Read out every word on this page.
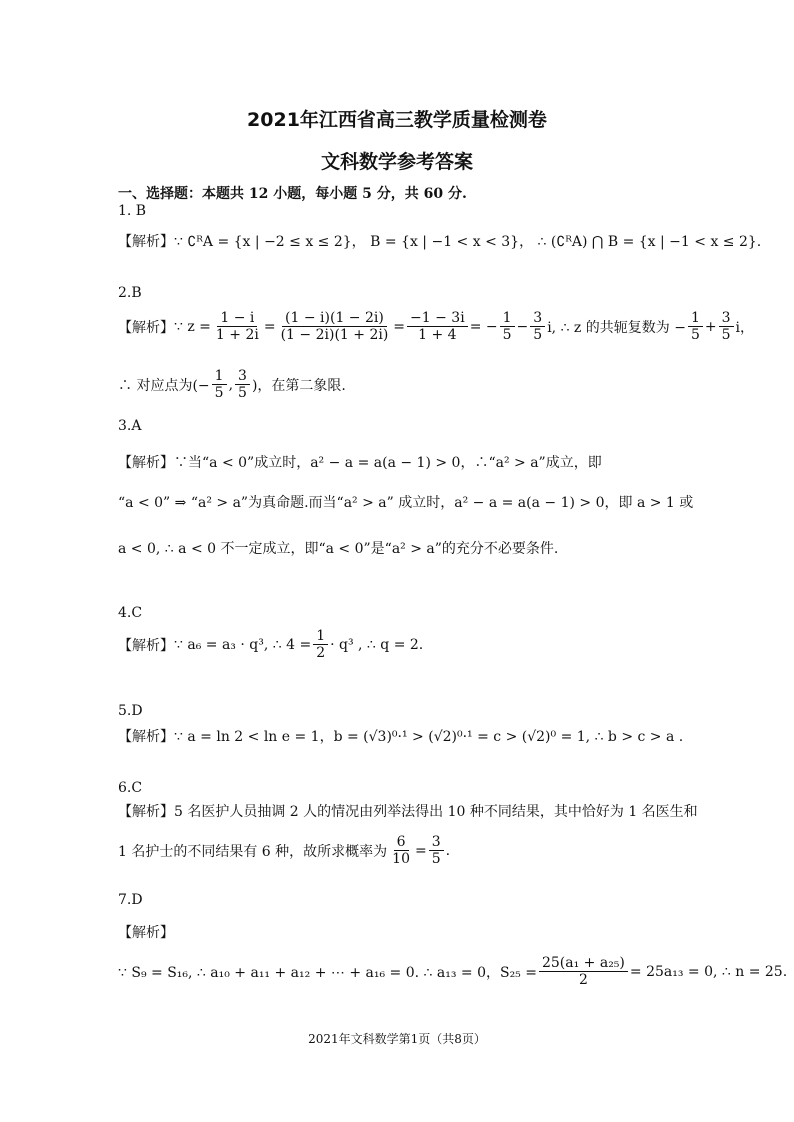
2021年江西省高三教学质量检测卷
文科数学参考答案
一、选择题：本题共 12 小题，每小题 5 分，共 60 分.
1. B
【解析】 ∵ ∁ᴿA = {x | −2 ≤ x ≤ 2}， B = {x | −1 < x < 3}， ∴ (∁ᴿA) ⋂ B = {x | −1 < x ≤ 2}.
2.B
【解析】 ∵ $z = \frac{1 - i}{1 + 2i} = \frac{(1 - i)(1 - 2i)}{(1 - 2i)(1 + 2i)} = \frac{-1 - 3i}{1 + 4}$ = − $\frac{1}{5} - \frac{3}{5} i$, ∴ z 的共轭复数为 − $\frac{1}{5} + \frac{3}{5}$ i，
∴ 对应点为(− $\frac{1}{5}$ , $\frac{3}{5}$ )，在第二象限.
3.A
【解析】 ∵当“a < 0”成立时，a² − a = a(a − 1) > 0，∴“a² > a”成立，即
“a < 0” ⇒ “a² > a”为真命题.而当“a² > a” 成立时，a² − a = a(a − 1) > 0，即 a > 1 或
a < 0, ∴ a < 0 不一定成立，即“a < 0”是“a² > a”的充分不必要条件.
4.C
【解析】 ∵ a₆ = a₃ · q³, ∴ $4 = \frac{1}{2} \cdot q^3$ , ∴ q = 2.
5.D
【解析】 ∵ a = ln 2 < ln e = 1，b = (√3)⁰·¹ > (√2)⁰·¹ = c > (√2)⁰ = 1, ∴ b > c > a .
6.C
【解析】 5 名医护人员抽调 2 人的情况由列举法得出 10 种不同结果，其中恰好为 1 名医生和
1 名护士的不同结果有 6 种，故所求概率为 $\frac{6}{10} = \frac{3}{5}$ .
7.D
【解析】
∵ S₉ = S₁₆, ∴ a₁₀ + a₁₁ + a₁₂ + ⋯ + a₁₆ = 0. ∴ a₁₃ = 0，$S_{25} = \frac{\text{25(a₁ + a₂₅)}}{2} = 25a_{13} = 0$, ∴ n = 25.
2021年文科数学第1页（共8页）
